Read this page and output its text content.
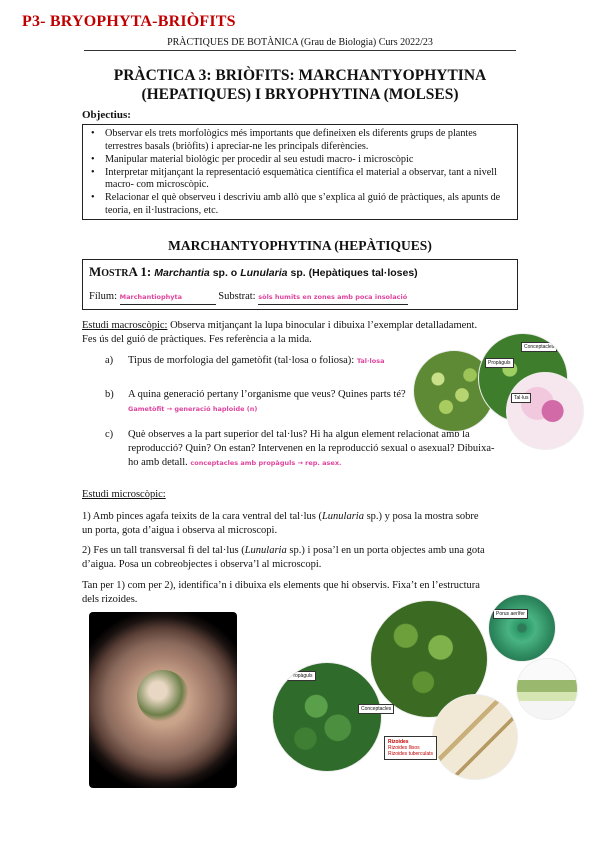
P3- BRYOPHYTA-BRIÒFITS
PRÀCTIQUES DE BOTÀNICA (Grau de Biologia) Curs 2022/23
PRÀCTICA 3: BRIÒFITS: MARCHANTYOPHYTINA
(HEPATIQUES) I BRYOPHYTINA (MOLSES)
Objectius:
• Observar els trets morfològics més importants que defineixen els diferents grups de plantes terrestres basals (briòfits) i apreciar-ne les principals diferències.
• Manipular material biològic per procedir al seu estudi macro- i microscòpic
• Interpretar mitjançant la representació esquemàtica científica el material a observar, tant a nivell macro- com microscòpic.
• Relacionar el què observeu i descriviu amb allò que s’explica al guió de pràctiques, als apunts de teoria, en il·lustracions, etc.
MARCHANTYOPHYTINA (HEPÀTIQUES)
MOSTRA 1: Marchantia sp. o Lunularia sp. (Hepàtiques tal·loses)
Fílum: Marchantiophyta	Substrat: sòls humits en zones amb poca insolació
Estudi macroscòpic: Observa mitjançant la lupa binocular i dibuixa l’exemplar detalladament.
Fes ús del guió de pràctiques. Fes referència a la mida.
a) Tipus de morfologia del gametòfit (tal·losa o foliosa): Tal·losa
b) A quina generació pertany l’organisme que veus? Quines parts té?
Gametòfit → generació haploide (n)
c) Què observes a la part superior del tal·lus? Hi ha algun element relacionat amb la
reproducció? Quin? On estan? Intervenen en la reproducció sexual o asexual? Dibuixa-
ho amb detall. conceptacles amb propàguls → rep. asex.
Estudi microscòpic:
1) Amb pinces agafa teixits de la cara ventral del tal·lus (Lunularia sp.) y posa la mostra sobre
un porta, gota d’aigua i observa al microscopi.
2) Fes un tall transversal fi del tal·lus (Lunularia sp.) i posa’l en un porta objectes amb una gota
d’aigua. Posa un cobreobjectes i observa’l al microscopi.
Tan per 1) com per 2), identifica’n i dibuixa els elements que hi observis. Fixa’t en l’estructura
dels rizoides.
Conceptacles
Propàguls
Tal·lus
Porus aerífer
Propàguls
Conceptacles
Rizoides
Rizoides llisos
Rizoides tuberculats
